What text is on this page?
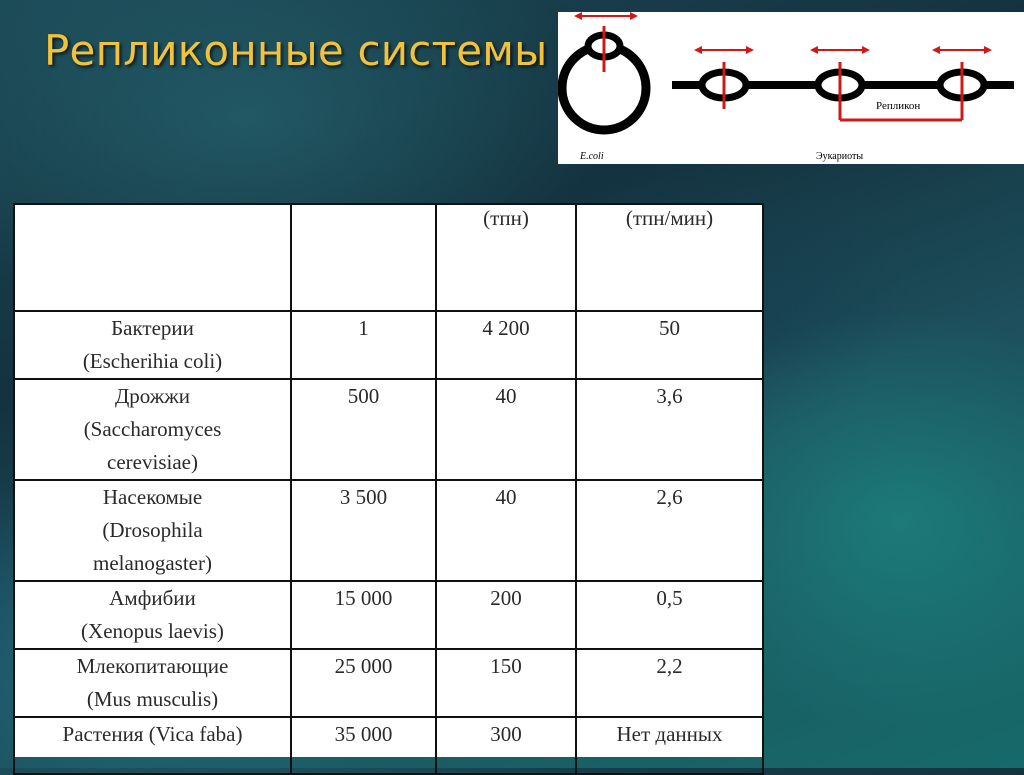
Репликонные системы
Репликон
E.coli	Эукариоты
		(тпн)	(тпн/мин)
Бактерии
(Escherihia coli)	1	4 200	50
Дрожжи
(Saccharomyces
cerevisiae)	500	40	3,6
Насекомые
(Drosophila
melanogaster)	3 500	40	2,6
Амфибии
(Xenopus laevis)	15 000	200	0,5
Млекопитающие
(Mus musculis)	25 000	150	2,2
Растения (Vica faba)	35 000	300	Нет данных
